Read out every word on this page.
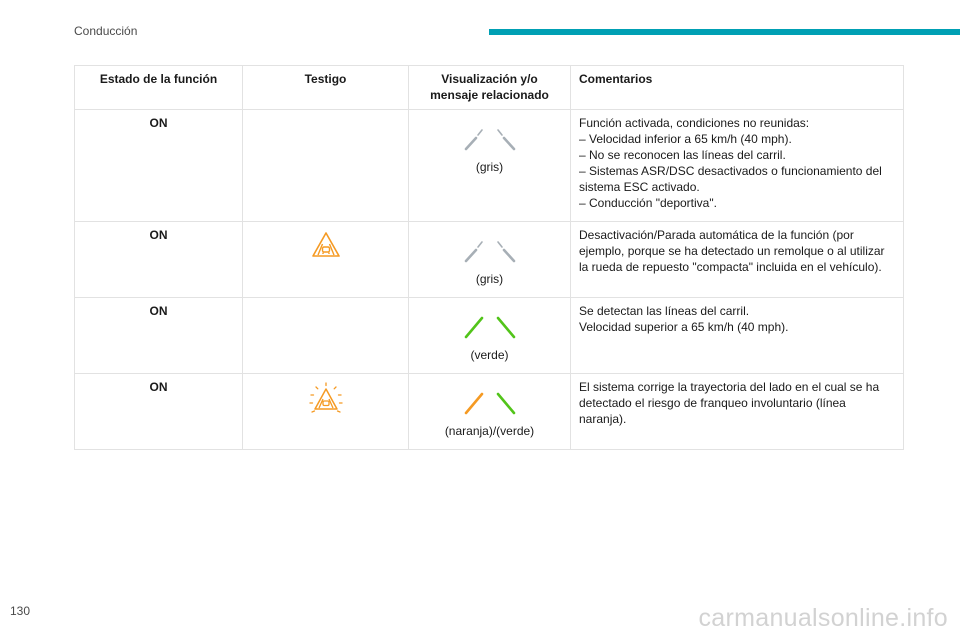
Conducción
Estado de la función	Testigo	Visualización y/o mensaje relacionado	Comentarios
ON		(gris)	Función activada, condiciones no reunidas:
– Velocidad inferior a 65 km/h (40 mph).
– No se reconocen las líneas del carril.
– Sistemas ASR/DSC desactivados o funcionamiento del sistema ESC activado.
– Conducción "deportiva".

ON		(gris)	Desactivación/Parada automática de la función (por ejemplo, porque se ha detectado un remolque o al utilizar la rueda de repuesto "compacta" incluida en el vehículo).

ON		(verde)	Se detectan las líneas del carril.
Velocidad superior a 65 km/h (40 mph).

ON		(naranja)/(verde)	El sistema corrige la trayectoria del lado en el cual se ha detectado el riesgo de franqueo involuntario (línea naranja).
130	carmanualsonline.info
